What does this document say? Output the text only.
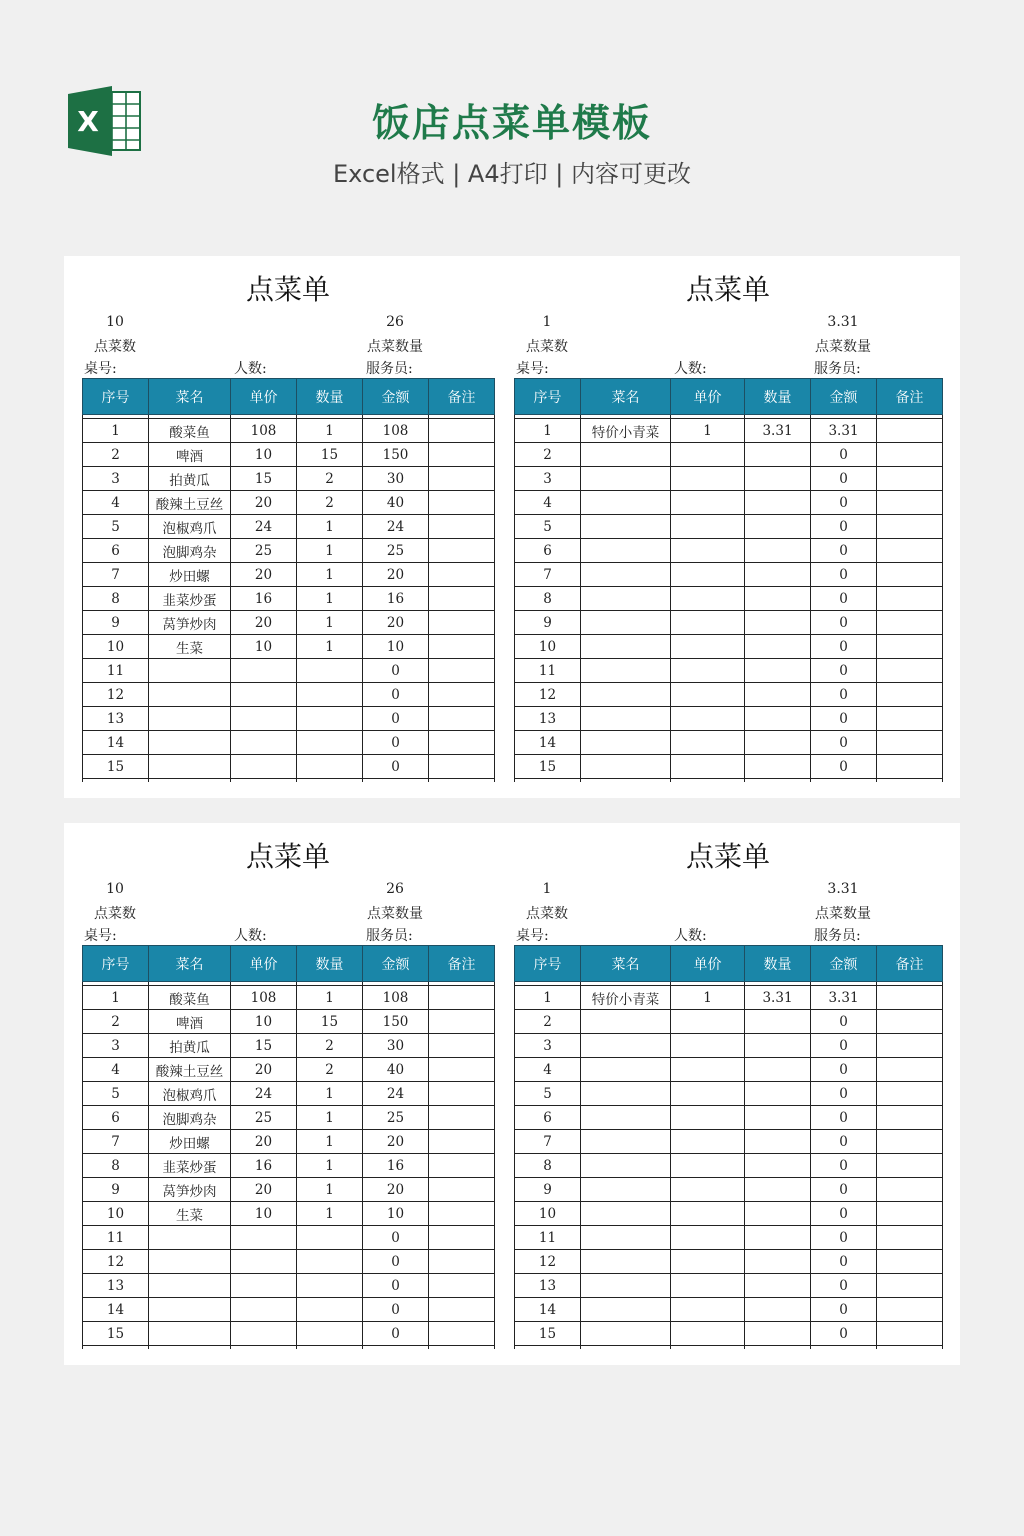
X	饭店点菜单模板
Excel格式 | A4打印 | 内容可更改
点菜单
10	26
点菜数	点菜数量
桌号:	人数:	服务员:
序号	菜名	单价	数量	金额	备注

1	酸菜鱼	108	1	108	
2	啤酒	10	15	150	
3	拍黄瓜	15	2	30	
4	酸辣土豆丝	20	2	40	
5	泡椒鸡爪	24	1	24	
6	泡脚鸡杂	25	1	25	
7	炒田螺	20	1	20	
8	韭菜炒蛋	16	1	16	
9	莴笋炒肉	20	1	20	
10	生菜	10	1	10	
11				0	
12				0	
13				0	
14				0	
15				0	

点菜单
1	3.31
点菜数	点菜数量
桌号:	人数:	服务员:
序号	菜名	单价	数量	金额	备注

1	特价小青菜	1	3.31	3.31	
2				0	
3				0	
4				0	
5				0	
6				0	
7				0	
8				0	
9				0	
10				0	
11				0	
12				0	
13				0	
14				0	
15				0	

点菜单
10	26
点菜数	点菜数量
桌号:	人数:	服务员:
序号	菜名	单价	数量	金额	备注

1	酸菜鱼	108	1	108	
2	啤酒	10	15	150	
3	拍黄瓜	15	2	30	
4	酸辣土豆丝	20	2	40	
5	泡椒鸡爪	24	1	24	
6	泡脚鸡杂	25	1	25	
7	炒田螺	20	1	20	
8	韭菜炒蛋	16	1	16	
9	莴笋炒肉	20	1	20	
10	生菜	10	1	10	
11				0	
12				0	
13				0	
14				0	
15				0	

点菜单
1	3.31
点菜数	点菜数量
桌号:	人数:	服务员:
序号	菜名	单价	数量	金额	备注

1	特价小青菜	1	3.31	3.31	
2				0	
3				0	
4				0	
5				0	
6				0	
7				0	
8				0	
9				0	
10				0	
11				0	
12				0	
13				0	
14				0	
15				0	
